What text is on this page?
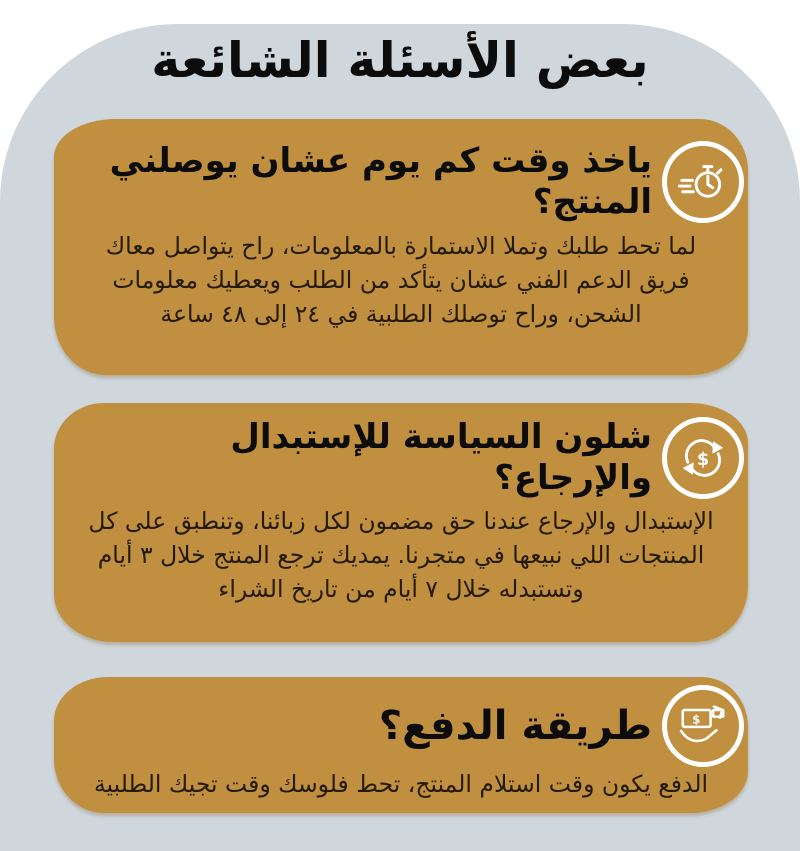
بعض الأسئلة الشائعة
ياخذ وقت كم يوم عشان يوصلني المنتج؟

لما تحط طلبك وتملا الاستمارة بالمعلومات، راح يتواصل معاك فريق الدعم الفني عشان يتأكد من الطلب ويعطيك معلومات الشحن، وراح توصلك الطلبية في ٢٤ إلى ٤٨ ساعة

$
شلون السياسة للإستبدال والإرجاع؟

الإستبدال والإرجاع عندنا حق مضمون لكل زبائنا، وتنطبق على كل المنتجات اللي نبيعها في متجرنا. يمديك ترجع المنتج خلال ٣ أيام وتستبدله خلال ٧ أيام من تاريخ الشراء

$
طريقة الدفع؟

الدفع يكون وقت استلام المنتج، تحط فلوسك وقت تجيك الطلبية
